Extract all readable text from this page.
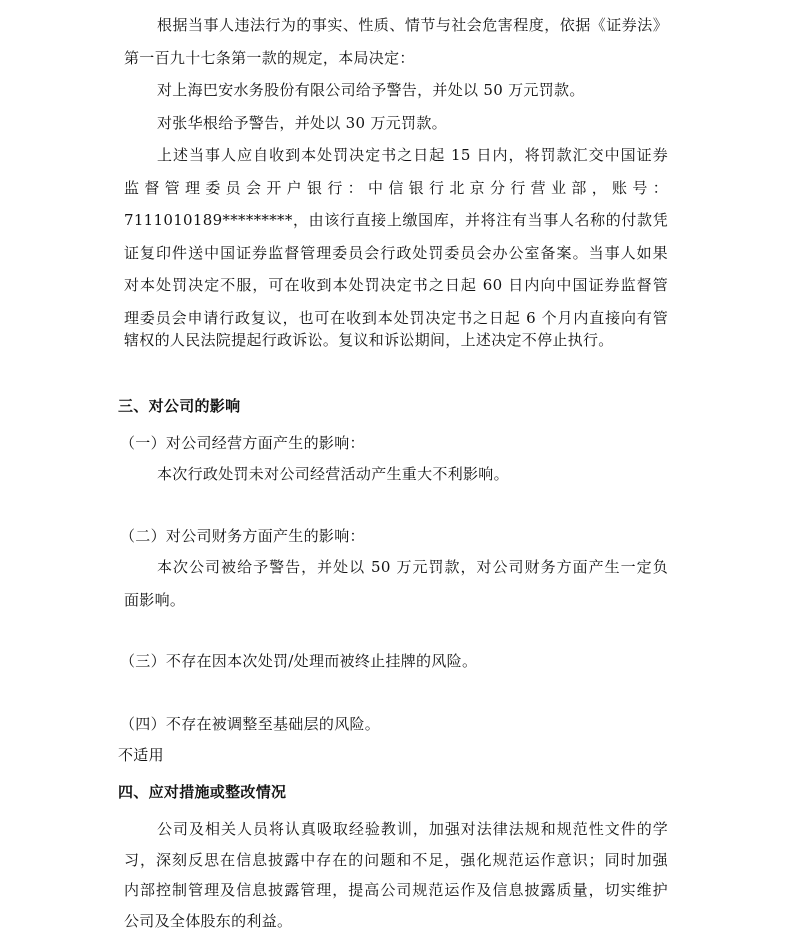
根据当事人违法行为的事实、性质、情节与社会危害程度，依据《证券法》
第一百九十七条第一款的规定，本局决定：
对上海巴安水务股份有限公司给予警告，并处以 50 万元罚款。
对张华根给予警告，并处以 30 万元罚款。
上述当事人应自收到本处罚决定书之日起 15 日内，将罚款汇交中国证券
监督管理委员会开户银行：中信银行北京分行营业部，账号：
7111010189*********，由该行直接上缴国库，并将注有当事人名称的付款凭
证复印件送中国证券监督管理委员会行政处罚委员会办公室备案。当事人如果
对本处罚决定不服，可在收到本处罚决定书之日起 60 日内向中国证券监督管
理委员会申请行政复议，也可在收到本处罚决定书之日起 6 个月内直接向有管
辖权的人民法院提起行政诉讼。复议和诉讼期间，上述决定不停止执行。
三、对公司的影响
（一）对公司经营方面产生的影响：
本次行政处罚未对公司经营活动产生重大不利影响。
（二）对公司财务方面产生的影响：
本次公司被给予警告，并处以 50 万元罚款，对公司财务方面产生一定负
面影响。
（三）不存在因本次处罚/处理而被终止挂牌的风险。
（四）不存在被调整至基础层的风险。
不适用
四、应对措施或整改情况
公司及相关人员将认真吸取经验教训，加强对法律法规和规范性文件的学
习，深刻反思在信息披露中存在的问题和不足，强化规范运作意识；同时加强
内部控制管理及信息披露管理，提高公司规范运作及信息披露质量，切实维护
公司及全体股东的利益。
